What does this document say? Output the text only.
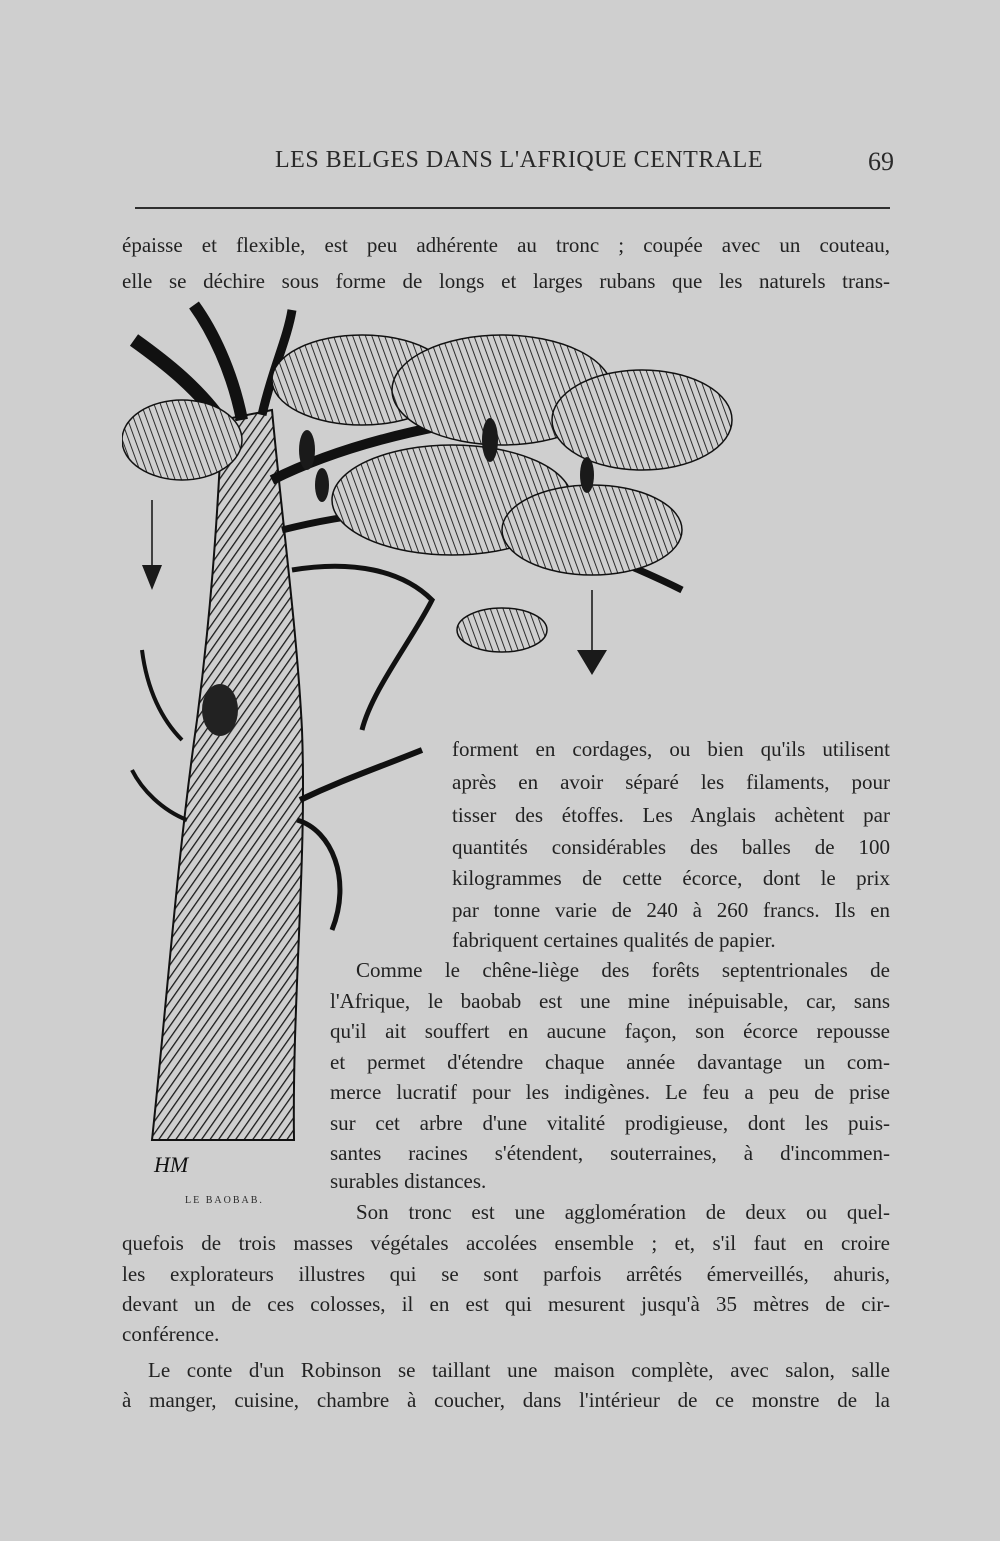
LES BELGES DANS L'AFRIQUE CENTRALE	69
HM
LE BAOBAB.
épaisse et flexible, est peu adhérente au tronc ; coupée avec un couteau,
elle se déchire sous forme de longs et larges rubans que les naturels trans-
forment en cordages, ou bien qu'ils utilisent
après en avoir séparé les filaments, pour
tisser des étoffes. Les Anglais achètent par
quantités considérables des balles de 100
kilogrammes de cette écorce, dont le prix
par tonne varie de 240 à 260 francs. Ils en
fabriquent certaines qualités de papier.
Comme le chêne-liège des forêts septentrionales de
l'Afrique, le baobab est une mine inépuisable, car, sans
qu'il ait souffert en aucune façon, son écorce repousse
et permet d'étendre chaque année davantage un com-
merce lucratif pour les indigènes. Le feu a peu de prise
sur cet arbre d'une vitalité prodigieuse, dont les puis-
santes racines s'étendent, souterraines, à d'incommen-
surables distances.
Son tronc est une agglomération de deux ou quel-
quefois de trois masses végétales accolées ensemble ; et, s'il faut en croire
les explorateurs illustres qui se sont parfois arrêtés émerveillés, ahuris,
devant un de ces colosses, il en est qui mesurent jusqu'à 35 mètres de cir-
conférence.
Le conte d'un Robinson se taillant une maison complète, avec salon, salle
à manger, cuisine, chambre à coucher, dans l'intérieur de ce monstre de la
